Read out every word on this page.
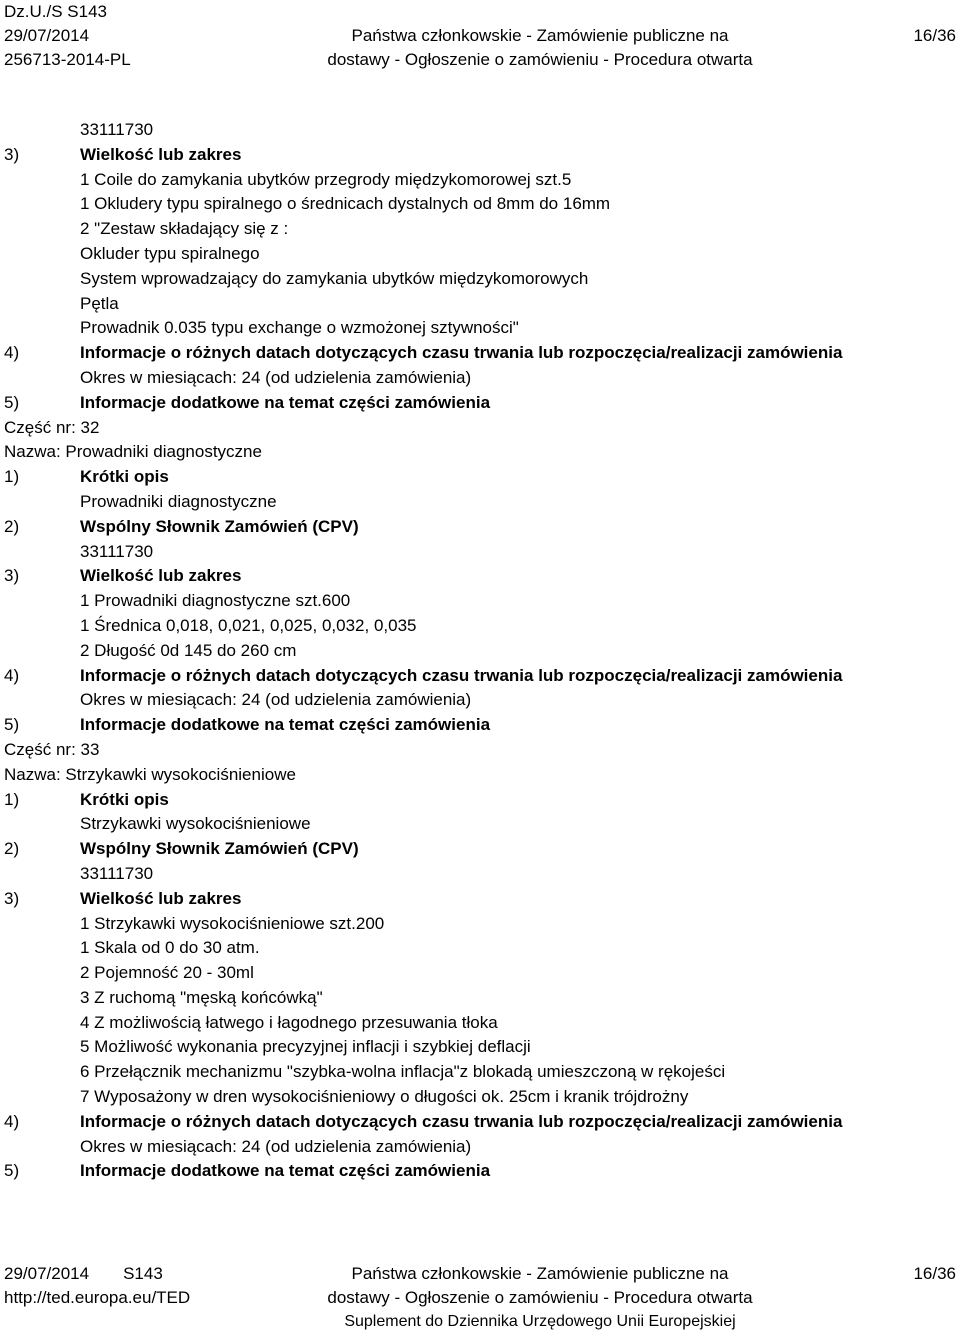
Dz.U./S S143
29/07/2014
256713-2014-PL
Państwa członkowskie - Zamówienie publiczne na
dostawy - Ogłoszenie o zamówieniu - Procedura otwarta
16/36
33111730
3)	Wielkość lub zakres
1 Coile do zamykania ubytków przegrody międzykomorowej szt.5
1 Okludery typu spiralnego o średnicach dystalnych od 8mm do 16mm
2 "Zestaw składający się z :
Okluder typu spiralnego
System wprowadzający do zamykania ubytków międzykomorowych
Pętla
Prowadnik 0.035 typu exchange o wzmożonej sztywności"
4)	Informacje o różnych datach dotyczących czasu trwania lub rozpoczęcia/realizacji zamówienia
Okres w miesiącach: 24 (od udzielenia zamówienia)
5)	Informacje dodatkowe na temat części zamówienia
Część nr: 32
Nazwa: Prowadniki diagnostyczne
1)	Krótki opis
Prowadniki diagnostyczne
2)	Wspólny Słownik Zamówień (CPV)
33111730
3)	Wielkość lub zakres
1 Prowadniki diagnostyczne szt.600
1 Średnica 0,018, 0,021, 0,025, 0,032, 0,035
2 Długość 0d 145 do 260 cm
4)	Informacje o różnych datach dotyczących czasu trwania lub rozpoczęcia/realizacji zamówienia
Okres w miesiącach: 24 (od udzielenia zamówienia)
5)	Informacje dodatkowe na temat części zamówienia
Część nr: 33
Nazwa: Strzykawki wysokociśnieniowe
1)	Krótki opis
Strzykawki wysokociśnieniowe
2)	Wspólny Słownik Zamówień (CPV)
33111730
3)	Wielkość lub zakres
1 Strzykawki wysokociśnieniowe szt.200
1 Skala od 0 do 30 atm.
2 Pojemność 20 - 30ml
3 Z ruchomą "męską końcówką"
4 Z możliwością łatwego i łagodnego przesuwania tłoka
5 Możliwość wykonania precyzyjnej inflacji i szybkiej deflacji
6 Przełącznik mechanizmu "szybka-wolna inflacja"z blokadą umieszczoną w rękojeści
7 Wyposażony w dren wysokociśnieniowy o długości ok. 25cm i kranik trójdrożny
4)	Informacje o różnych datach dotyczących czasu trwania lub rozpoczęcia/realizacji zamówienia
Okres w miesiącach: 24 (od udzielenia zamówienia)
5)	Informacje dodatkowe na temat części zamówienia
29/07/2014 S143
http://ted.europa.eu/TED
Państwa członkowskie - Zamówienie publiczne na
dostawy - Ogłoszenie o zamówieniu - Procedura otwarta
Suplement do Dziennika Urzędowego Unii Europejskiej
16/36
